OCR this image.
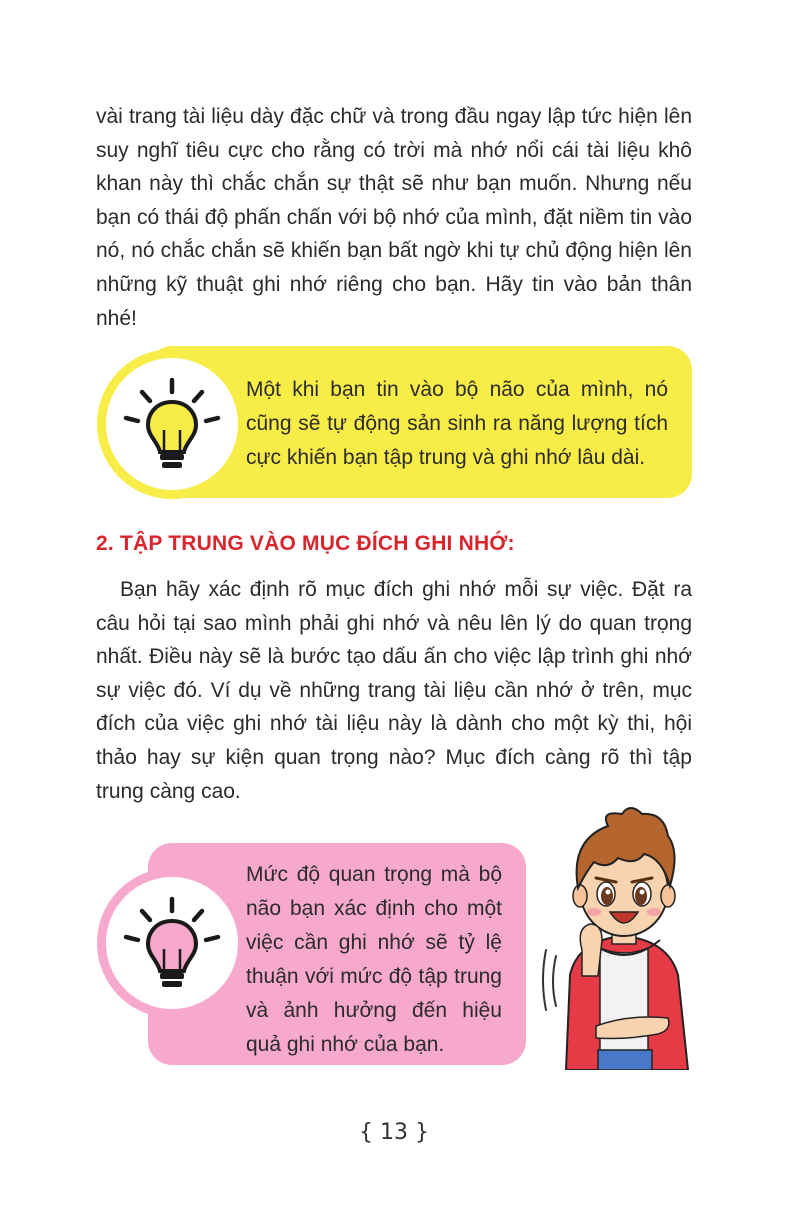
vài trang tài liệu dày đặc chữ và trong đầu ngay lập tức hiện lên suy nghĩ tiêu cực cho rằng có trời mà nhớ nổi cái tài liệu khô khan này thì chắc chắn sự thật sẽ như bạn muốn. Nhưng nếu bạn có thái độ phấn chấn với bộ nhớ của mình, đặt niềm tin vào nó, nó chắc chắn sẽ khiến bạn bất ngờ khi tự chủ động hiện lên những kỹ thuật ghi nhớ riêng cho bạn. Hãy tin vào bản thân nhé!

Một khi bạn tin vào bộ não của mình, nó cũng sẽ tự động sản sinh ra năng lượng tích cực khiến bạn tập trung và ghi nhớ lâu dài.

2. TẬP TRUNG VÀO MỤC ĐÍCH GHI NHỚ:

Bạn hãy xác định rõ mục đích ghi nhớ mỗi sự việc. Đặt ra câu hỏi tại sao mình phải ghi nhớ và nêu lên lý do quan trọng nhất. Điều này sẽ là bước tạo dấu ấn cho việc lập trình ghi nhớ sự việc đó. Ví dụ về những trang tài liệu cần nhớ ở trên, mục đích của việc ghi nhớ tài liệu này là dành cho một kỳ thi, hội thảo hay sự kiện quan trọng nào? Mục đích càng rõ thì tập trung càng cao.

Mức độ quan trọng mà bộ não bạn xác định cho một việc cần ghi nhớ sẽ tỷ lệ thuận với mức độ tập trung và ảnh hưởng đến hiệu quả ghi nhớ của bạn.

{ 13 }
